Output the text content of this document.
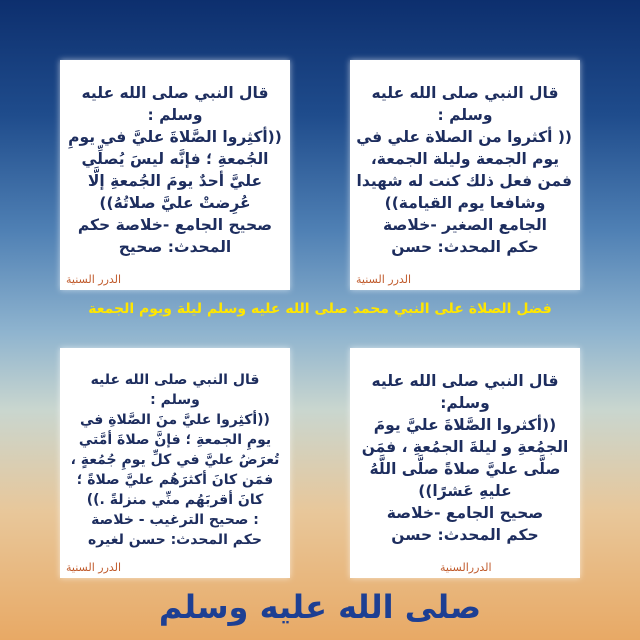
قال النبي صلى الله عليه
وسلم :
(( أكثروا من الصلاة علي في
يوم الجمعة وليلة الجمعة،
فمن فعل ذلك كنت له شهيدا
وشافعا يوم القيامة))
الجامع الصغير -خلاصة
حكم المحدث: حسن
الدرر السنية
قال النبي صلى الله عليه
وسلم :
((أكثِروا الصَّلاةَ عليَّ في يومِ
الجُمعةِ ؛ فإنَّه ليسَ يُصلِّي
عليَّ أحدٌ يومَ الجُمعةِ إلَّا
عُرِضتْ عليَّ صلاتُهُ))
صحيح الجامع -خلاصة حكم
المحدث: صحيح
الدرر السنية
فضل الصلاة على النبي محمد صلى الله عليه وسلم ليلة ويوم الجمعة
قال النبي صلى الله عليه
وسلم:
((أكثروا الصَّلاةَ عليَّ يومَ
الجمُعةِ و ليلةَ الجمُعةِ ، فمَن
صلَّى عليَّ صلاةً صلَّى اللَّهُ
عليهِ عَشرًا))
صحيح الجامع -خلاصة
حكم المحدث: حسن
الدررالسنية
قال النبي صلى الله عليه
وسلم :
((أكثِروا عليَّ منَ الصَّلاةِ في
يومِ الجمعةِ ؛ فإنَّ صلاةَ أمَّتي
تُعرَضُ عليَّ في كلِّ يومِ جُمُعةٍ ،
فمَن كانَ أكثرَهُم عليَّ صلاةً ؛
كانَ أقربَهُم منِّي منزلةً .))
: صحيح الترغيب - خلاصة
حكم المحدث: حسن لغيره
الدرر السنية
صلى الله عليه وسلم
